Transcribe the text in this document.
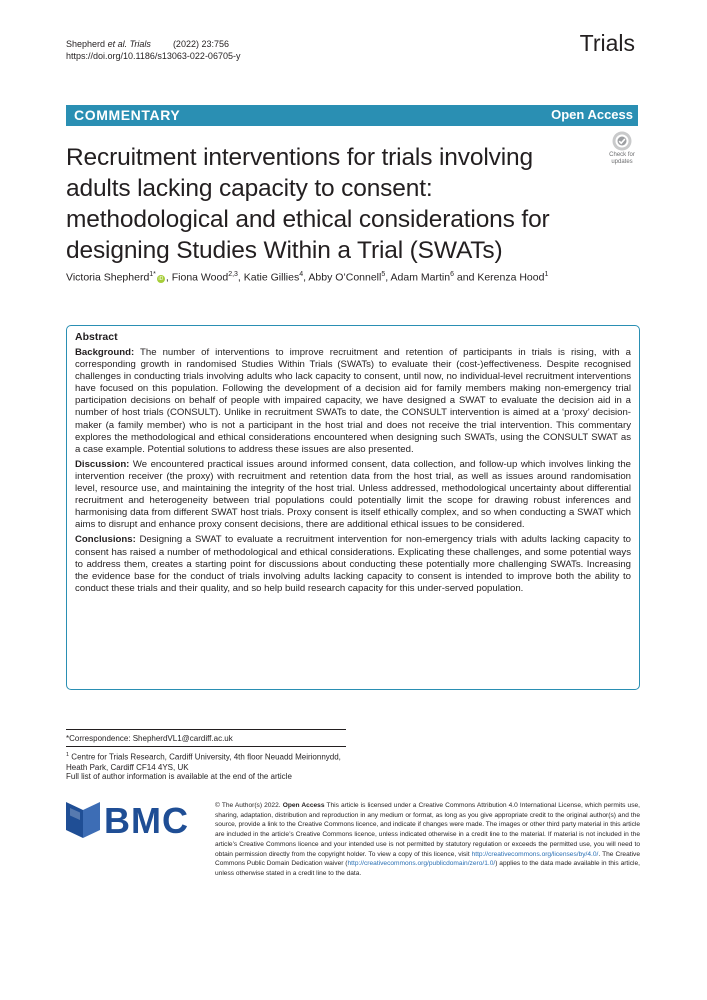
Shepherd et al. Trials (2022) 23:756
https://doi.org/10.1186/s13063-022-06705-y	Trials
COMMENTARY	Open Access
Check for
updates
Recruitment interventions for trials involving adults lacking capacity to consent: methodological and ethical considerations for designing Studies Within a Trial (SWATs)
Victoria Shepherd$^{1*}$iD , Fiona Wood$^{2,3}$, Katie Gillies$^4$, Abby O’Connell$^5$, Adam Martin$^6$ and Kerenza Hood$^1$
Abstract

Background: The number of interventions to improve recruitment and retention of participants in trials is rising, with a corresponding growth in randomised Studies Within Trials (SWATs) to evaluate their (cost-)effectiveness. Despite recognised challenges in conducting trials involving adults who lack capacity to consent, until now, no individual-level recruitment interventions have focused on this population. Following the development of a decision aid for family members making non-emergency trial participation decisions on behalf of people with impaired capacity, we have designed a SWAT to evaluate the decision aid in a number of host trials (CONSULT). Unlike in recruitment SWATs to date, the CONSULT intervention is aimed at a ‘proxy’ decision-maker (a family member) who is not a participant in the host trial and does not receive the trial intervention. This commentary explores the methodological and ethical considerations encountered when designing such SWATs, using the CONSULT SWAT as a case example. Potential solutions to address these issues are also presented.

Discussion: We encountered practical issues around informed consent, data collection, and follow-up which involves linking the intervention receiver (the proxy) with recruitment and retention data from the host trial, as well as issues around randomisation level, resource use, and maintaining the integrity of the host trial. Unless addressed, methodological uncertainty about differential recruitment and heterogeneity between trial populations could potentially limit the scope for drawing robust inferences and harmonising data from different SWAT host trials. Proxy consent is itself ethically complex, and so when conducting a SWAT which aims to disrupt and enhance proxy consent decisions, there are additional ethical issues to be considered.

Conclusions: Designing a SWAT to evaluate a recruitment intervention for non-emergency trials with adults lacking capacity to consent has raised a number of methodological and ethical considerations. Explicating these challenges, and some potential ways to address them, creates a starting point for discussions about conducting these potentially more challenging SWATs. Increasing the evidence base for the conduct of trials involving adults lacking capacity to consent is intended to improve both the ability to conduct these trials and their quality, and so help build research capacity for this under-served population.

*Correspondence: ShepherdVL1@cardiff.ac.uk
$^1$ Centre for Trials Research, Cardiff University, 4th floor Neuadd Meirionnydd,
Heath Park, Cardiff CF14 4YS, UK
Full list of author information is available at the end of the article
BMC	© The Author(s) 2022. Open Access This article is licensed under a Creative Commons Attribution 4.0 International License, which permits use, sharing, adaptation, distribution and reproduction in any medium or format, as long as you give appropriate credit to the original author(s) and the source, provide a link to the Creative Commons licence, and indicate if changes were made. The images or other third party material in this article are included in the article’s Creative Commons licence, unless indicated otherwise in a credit line to the material. If material is not included in the article’s Creative Commons licence and your intended use is not permitted by statutory regulation or exceeds the permitted use, you will need to obtain permission directly from the copyright holder. To view a copy of this licence, visit http://creativecommons.org/licenses/by/4.0/. The Creative Commons Public Domain Dedication waiver (http://creativecommons.org/publicdomain/zero/1.0/) applies to the data made available in this article, unless otherwise stated in a credit line to the data.
